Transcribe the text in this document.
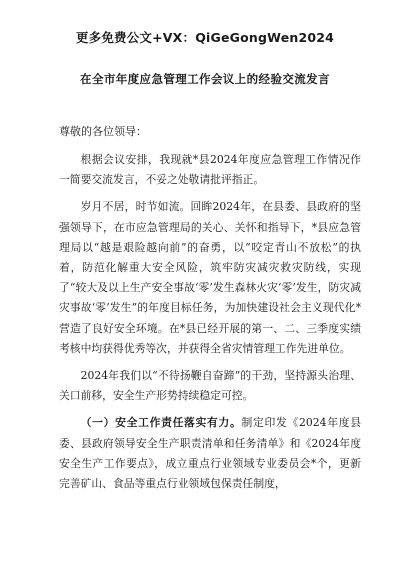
更多免费公文+VX：QiGeGongWen2024
在全市年度应急管理工作会议上的经验交流发言
尊敬的各位领导：

根据会议安排，我现就*县2024年度应急管理工作情况作一简要交流发言，不妥之处敬请批评指正。

岁月不居，时节如流。回眸2024年，在县委、县政府的坚强领导下，在市应急管理局的关心、关怀和指导下，*县应急管理局以“越是艰险越向前”的奋勇，以“咬定青山不放松”的执着，防范化解重大安全风险，筑牢防灾减灾救灾防线，实现了“较大及以上生产安全事故‘零’发生森林火灾‘零’发生，防灾减灾事故‘零’发生”的年度目标任务，为加快建设社会主义现代化*营造了良好安全环境。在*县已经开展的第一、二、三季度实绩考核中均获得优秀等次，并获得全省灾情管理工作先进单位。

2024年我们以“不待扬鞭自奋蹄”的干劲，坚持源头治理、关口前移，安全生产形势持续稳定可控。

（一）安全工作责任落实有力。制定印发《2024年度县委、县政府领导安全生产职责清单和任务清单》和《2024年度安全生产工作要点》，成立重点行业领域专业委员会*个，更新完善矿山、食品等重点行业领域包保责任制度，
